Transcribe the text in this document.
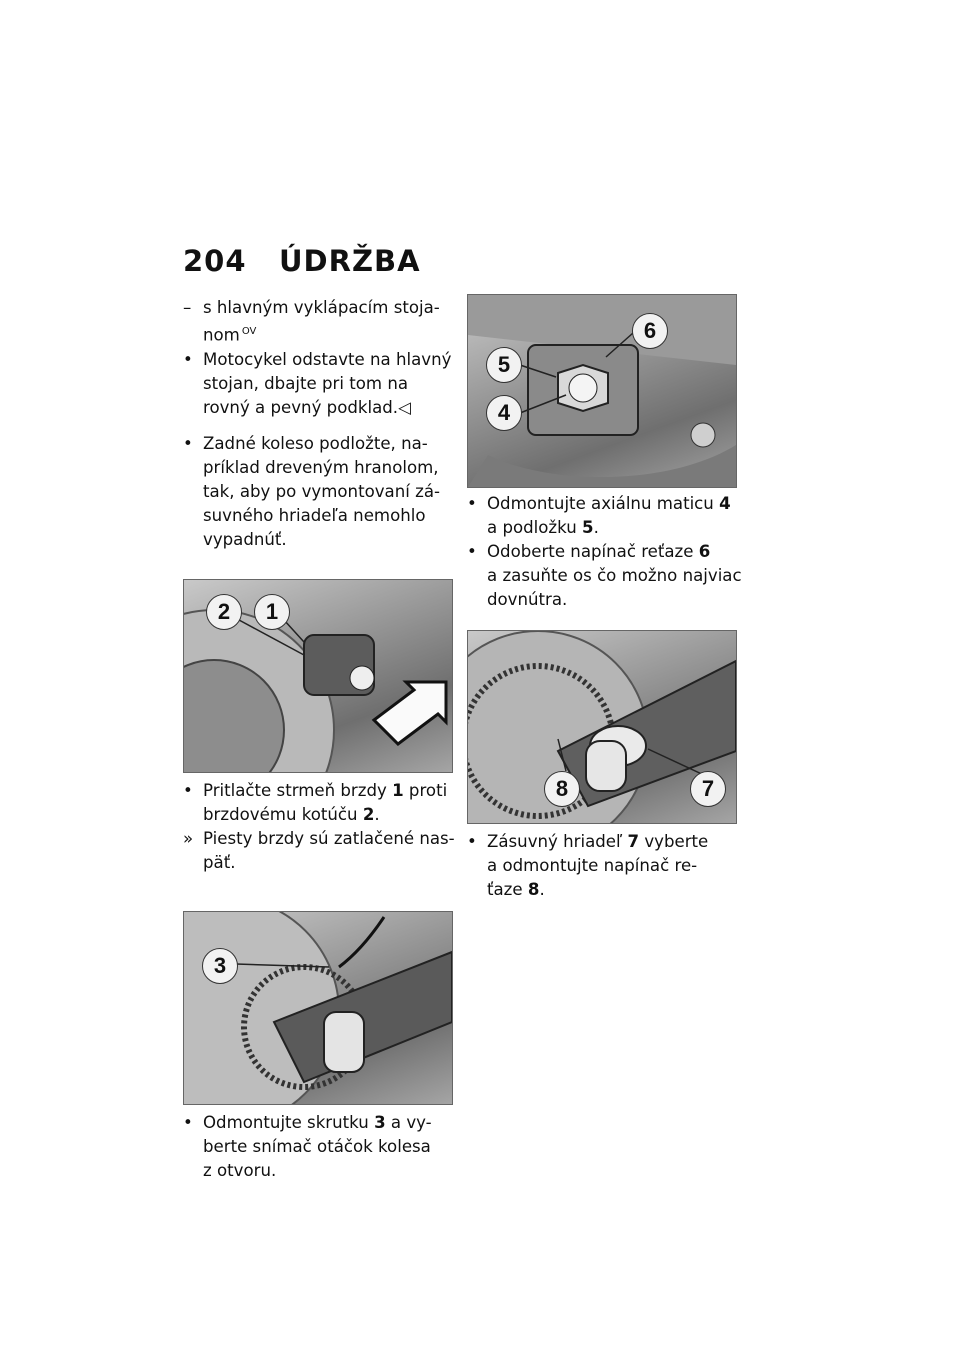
204	ÚDRŽBA

– s hlavným vyklápacím stoja-
nom $^{OV}$

• Motocykel odstavte na hlavný
stojan, dbajte pri tom na
rovný a pevný podklad.◁

• Zadné koleso podložte, na-
príklad dreveným hranolom,
tak, aby po vymontovaní zá-
suvného hriadeľa nemohlo
vypadnúť.

2	1

• Pritlačte strmeň brzdy 1 proti
brzdovému kotúču 2.

» Piesty brzdy sú zatlačené nas-
päť.

3

• Odmontujte skrutku 3 a vy-
berte snímač otáčok kolesa
z otvoru.

6
5
4

• Odmontujte axiálnu maticu 4
a podložku 5.

• Odoberte napínač reťaze 6
a zasuňte os čo možno najviac
dovnútra.

8	7

• Zásuvný hriadeľ 7 vyberte
a odmontujte napínač re-
ťaze 8.
